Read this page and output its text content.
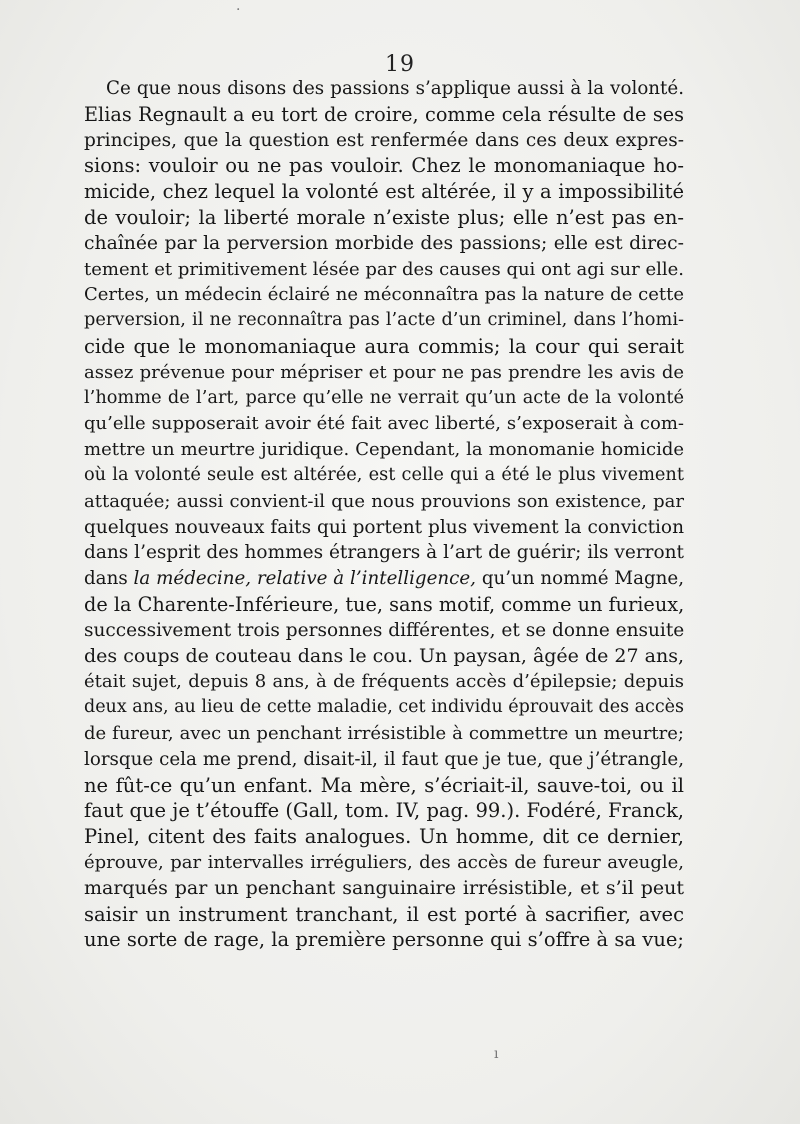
19
Ce que nous disons des passions s’applique aussi à la volonté.
Elias Regnault a eu tort de croire, comme cela résulte de ses
principes, que la question est renfermée dans ces deux expres-
sions: vouloir ou ne pas vouloir. Chez le monomaniaque ho-
micide, chez lequel la volonté est altérée, il y a impossibilité
de vouloir; la liberté morale n’existe plus; elle n’est pas en-
chaînée par la perversion morbide des passions; elle est direc-
tement et primitivement lésée par des causes qui ont agi sur elle.
Certes, un médecin éclairé ne méconnaîtra pas la nature de cette
perversion, il ne reconnaîtra pas l’acte d’un criminel, dans l’homi-
cide que le monomaniaque aura commis; la cour qui serait
assez prévenue pour mépriser et pour ne pas prendre les avis de
l’homme de l’art, parce qu’elle ne verrait qu’un acte de la volonté
qu’elle supposerait avoir été fait avec liberté, s’exposerait à com-
mettre un meurtre juridique. Cependant, la monomanie homicide
où la volonté seule est altérée, est celle qui a été le plus vivement
attaquée; aussi convient-il que nous prouvions son existence, par
quelques nouveaux faits qui portent plus vivement la conviction
dans l’esprit des hommes étrangers à l’art de guérir; ils verront
dans la médecine, relative à l’intelligence, qu’un nommé Magne,
de la Charente-Inférieure, tue, sans motif, comme un furieux,
successivement trois personnes différentes, et se donne ensuite
des coups de couteau dans le cou. Un paysan, âgée de 27 ans,
était sujet, depuis 8 ans, à de fréquents accès d’épilepsie; depuis
deux ans, au lieu de cette maladie, cet individu éprouvait des accès
de fureur, avec un penchant irrésistible à commettre un meurtre;
lorsque cela me prend, disait-il, il faut que je tue, que j’étrangle,
ne fût-ce qu’un enfant. Ma mère, s’écriait-il, sauve-toi, ou il
faut que je t’étouffe (Gall, tom. IV, pag. 99.). Fodéré, Franck,
Pinel, citent des faits analogues. Un homme, dit ce dernier,
éprouve, par intervalles irréguliers, des accès de fureur aveugle,
marqués par un penchant sanguinaire irrésistible, et s’il peut
saisir un instrument tranchant, il est porté à sacrifier, avec
une sorte de rage, la première personne qui s’offre à sa vue;
·
ı
